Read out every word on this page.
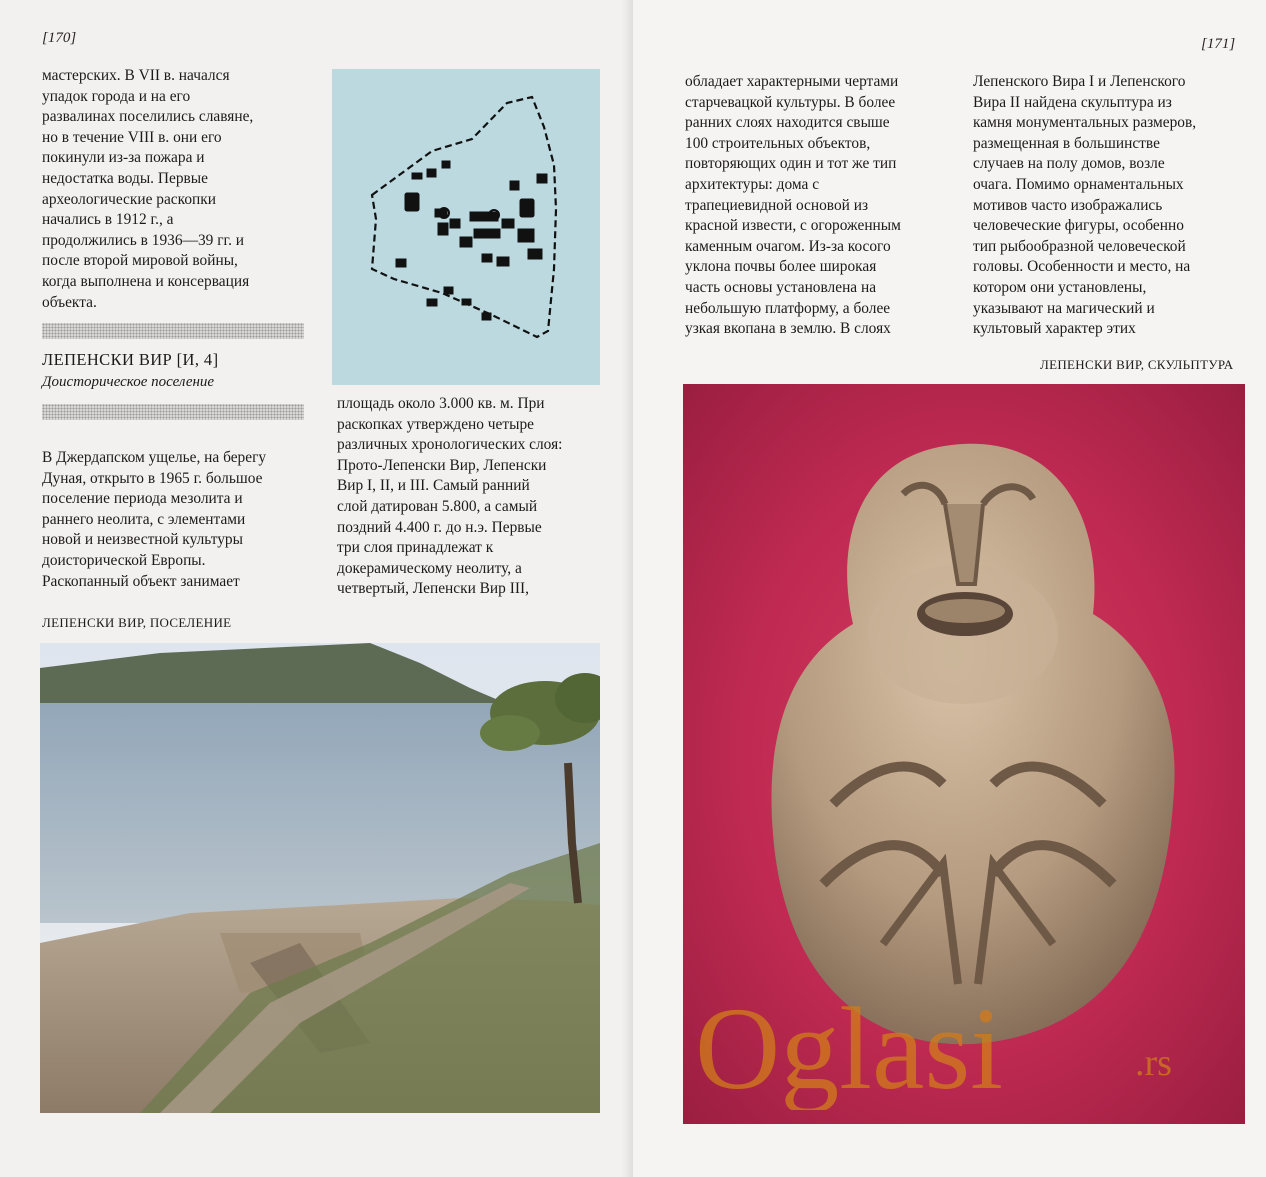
[170]

мастерских. В VII в. начался

упадок города и на его

развалинах поселились славяне,

но в течение VIII в. они его

покинули из-за пожара и

недостатка воды. Первые

археологические раскопки

начались в 1912 г., а

продолжились в 1936—39 гг. и

после второй мировой войны,

когда выполнена и консервация

объекта.

ЛЕПЕНСКИ ВИР [И, 4]
Доисторическое поселение

В Джердапском ущелье, на берегу

Дуная, открыто в 1965 г. большое

поселение периода мезолита и

раннего неолита, с элементами

новой и неизвестной культуры

доисторической Европы.

Раскопанный объект занимает

площадь около 3.000 кв. м. При

раскопках утверждено четыре

различных хронологических слоя:

Прото-Лепенски Вир, Лепенски

Вир I, II, и III. Самый ранний

слой датирован 5.800, а самый

поздний 4.400 г. до н.э. Первые

три слоя принадлежат к

докерамическому неолиту, а

четвертый, Лепенски Вир III,

ЛЕПЕНСКИ ВИР, ПОСЕЛЕНИЕ
[171]

обладает характерными чертами

старчевацкой культуры. В более

ранних слоях находится свыше

100 строительных объектов,

повторяющих один и тот же тип

архитектуры: дома с

трапециевидной основой из

красной извести, с огороженным

каменным очагом. Из-за косого

уклона почвы более широкая

часть основы установлена на

небольшую платформу, а более

узкая вкопана в землю. В слоях

Лепенского Вира I и Лепенского

Вира II найдена скульптура из

камня монументальных размеров,

размещенная в большинстве

случаев на полу домов, возле

очага. Помимо орнаментальных

мотивов часто изображались

человеческие фигуры, особенно

тип рыбообразной человеческой

головы. Особенности и место, на

котором они установлены,

указывают на магический и

культовый характер этих

ЛЕПЕНСКИ ВИР, СКУЛЬПТУРА
Oglasi	.rs
